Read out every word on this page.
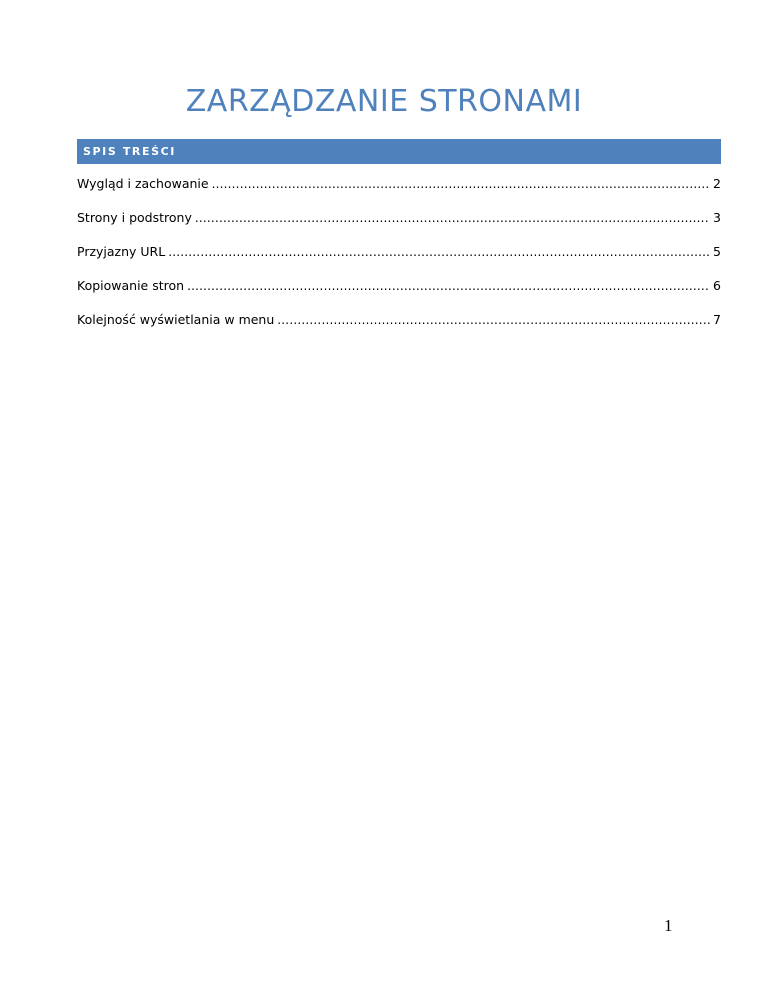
ZARZĄDZANIE STRONAMI
SPIS TREŚCI
Wygląd i zachowanie .....	2
Strony i podstrony .....	3
Przyjazny URL .....	5
Kopiowanie stron .....	6
Kolejność wyświetlania w menu .....	7
1
